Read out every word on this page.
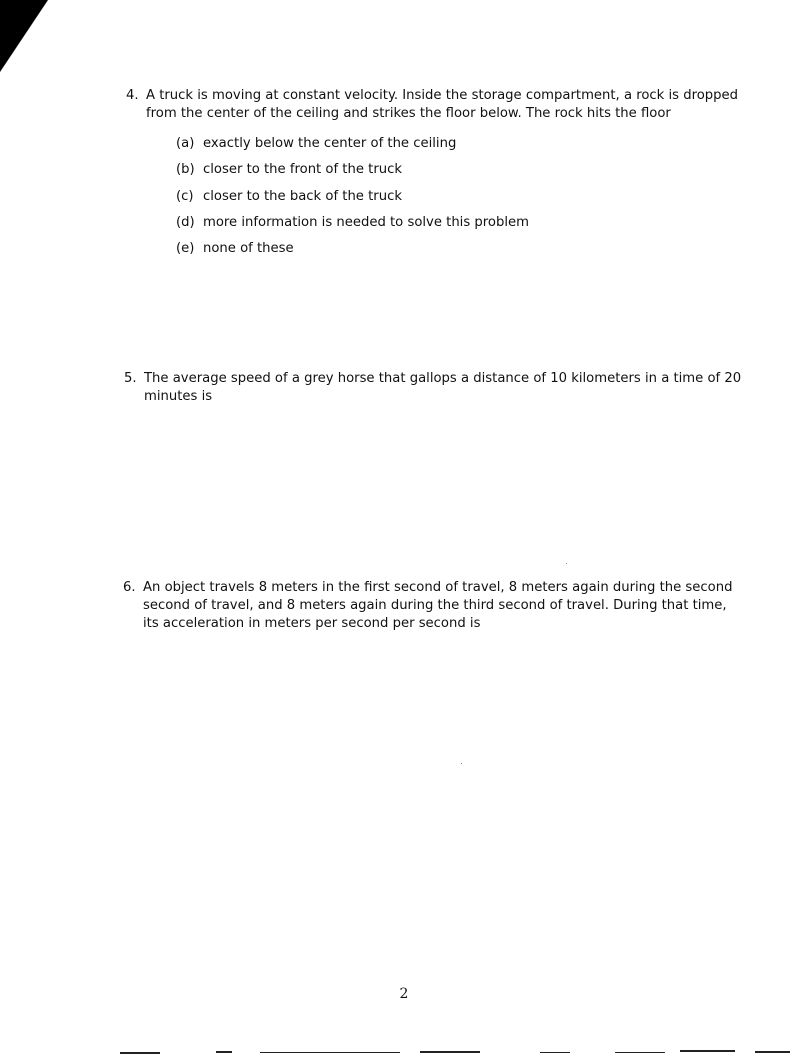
4. A truck is moving at constant velocity. Inside the storage compartment, a rock is dropped
from the center of the ceiling and strikes the floor below. The rock hits the floor
(a) exactly below the center of the ceiling
(b) closer to the front of the truck
(c) closer to the back of the truck
(d) more information is needed to solve this problem
(e) none of these
5. The average speed of a grey horse that gallops a distance of 10 kilometers in a time of 20
minutes is
6. An object travels 8 meters in the first second of travel, 8 meters again during the second
second of travel, and 8 meters again during the third second of travel. During that time,
its acceleration in meters per second per second is
2
